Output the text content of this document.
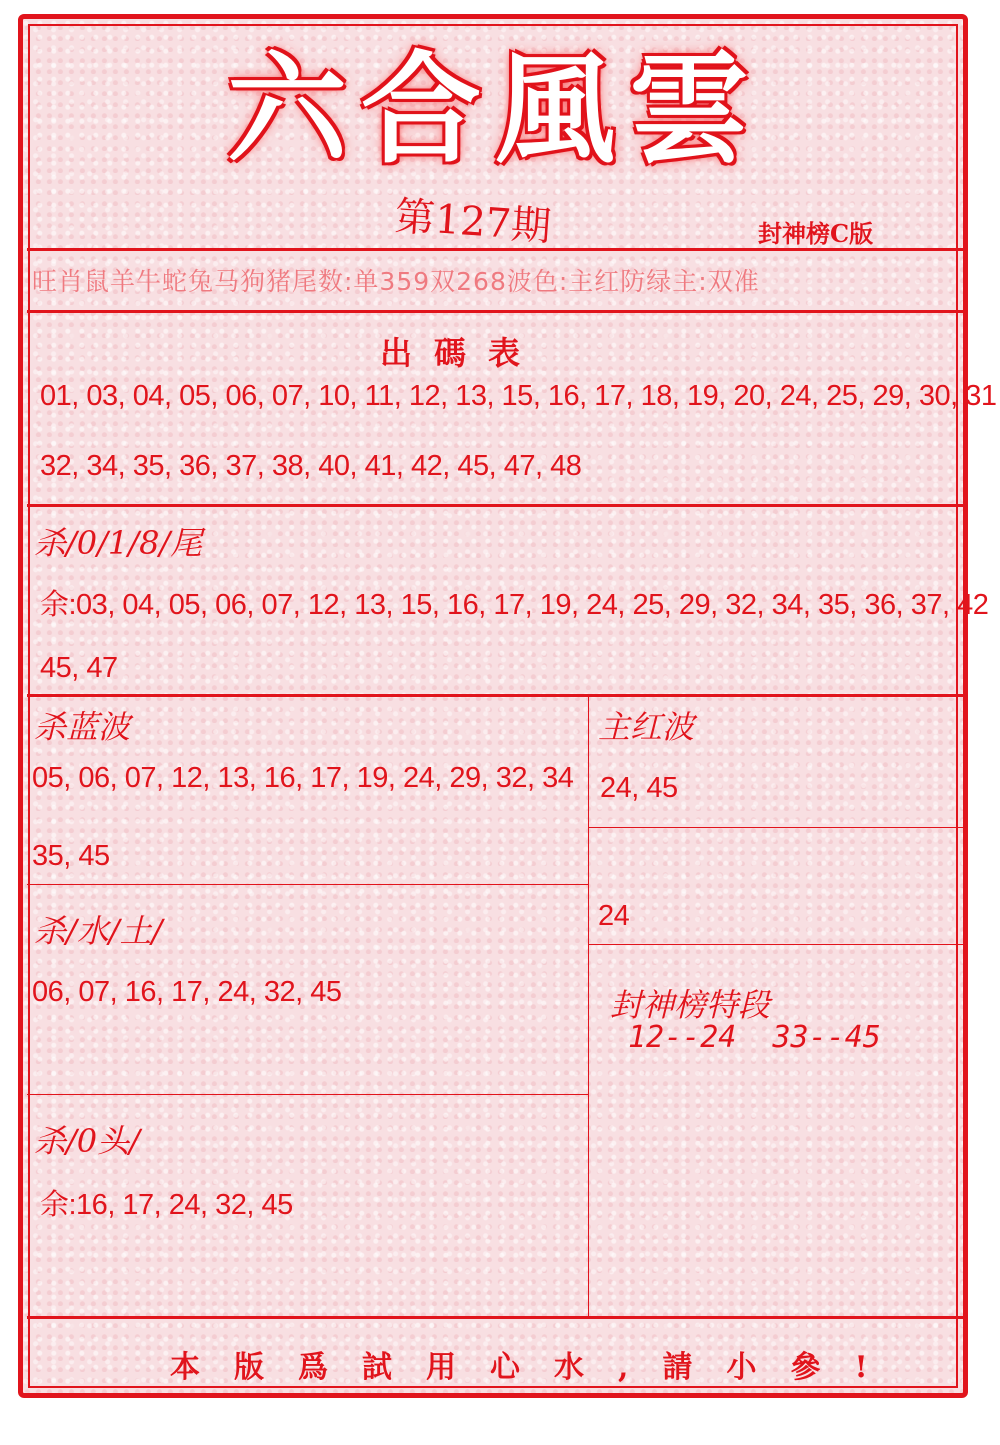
六合風雲
第127期	封神榜C版
旺肖鼠羊牛蛇兔马狗猪尾数:单359双268波色:主红防绿主:双准
出碼表
01, 03, 04, 05, 06, 07, 10, 11, 12, 13, 15, 16, 17, 18, 19, 20, 24, 25, 29, 30, 31
32, 34, 35, 36, 37, 38, 40, 41, 42, 45, 47, 48
杀/0/1/8/尾
余:03, 04, 05, 06, 07, 12, 13, 15, 16, 17, 19, 24, 25, 29, 32, 34, 35, 36, 37, 42
45, 47
杀蓝波
05, 06, 07, 12, 13, 16, 17, 19, 24, 29, 32, 34
35, 45
杀/水/土/
06, 07, 16, 17, 24, 32, 45
杀/0头/
余:16, 17, 24, 32, 45
主红波
24, 45
24
封神榜特段
12--24  33--45
本版爲試用心水,請小參!
